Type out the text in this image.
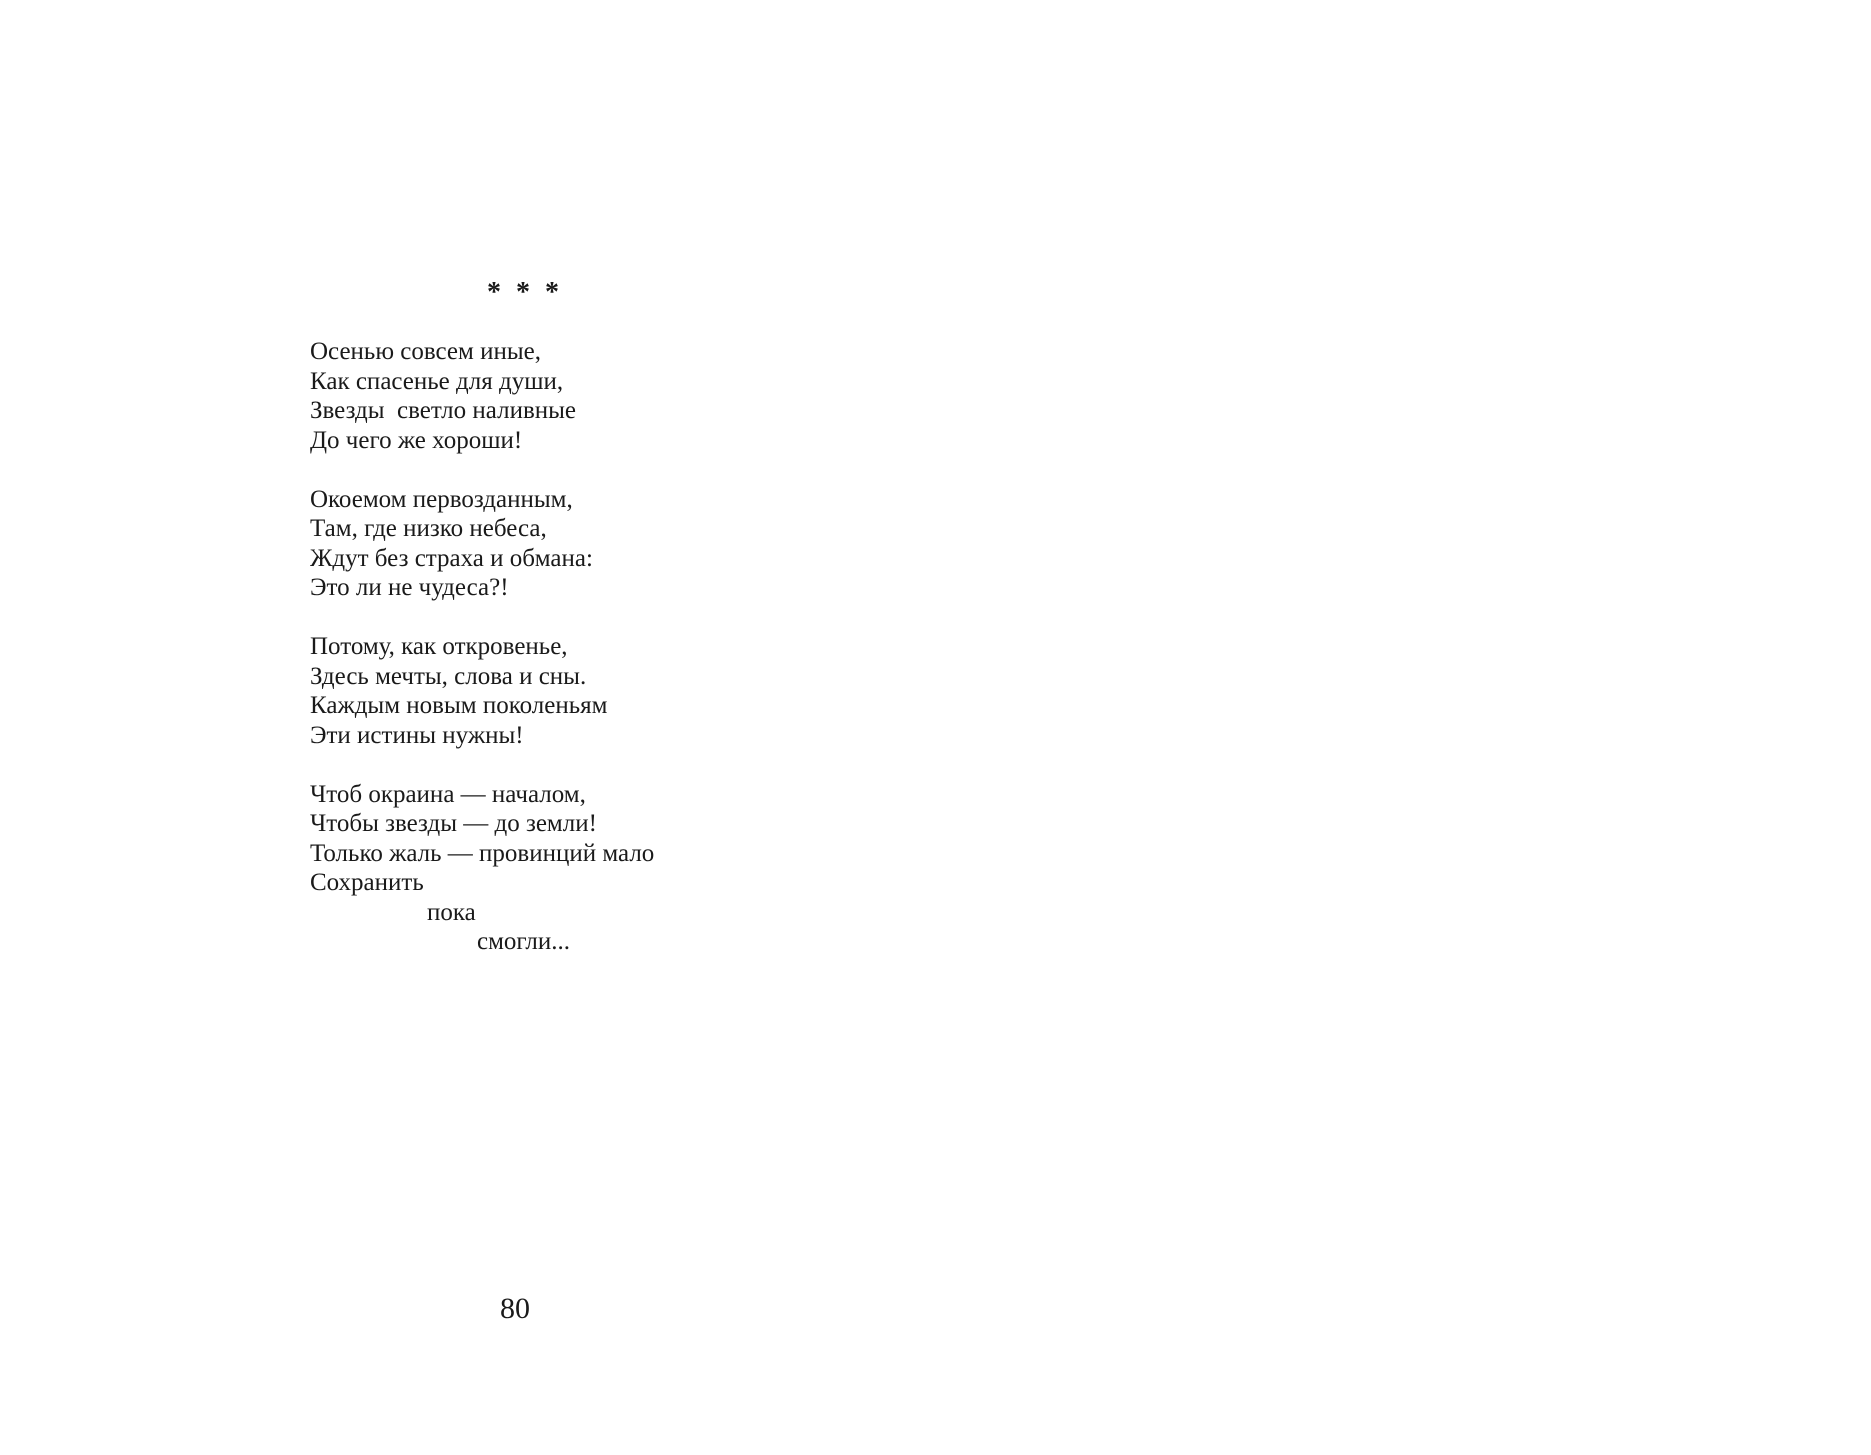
* * *
Осенью совсем иные,
Как спасенье для души,
Звезды  светло наливные
До чего же хороши!
Окоемом первозданным,
Там, где низко небеса,
Ждут без страха и обмана:
Это ли не чудеса?!
Потому, как откровенье,
Здесь мечты, слова и сны.
Каждым новым поколеньям
Эти истины нужны!
Чтоб окраина — началом,
Чтобы звезды — до земли!
Только жаль — провинций мало
Сохранить
пока
смогли...
80
